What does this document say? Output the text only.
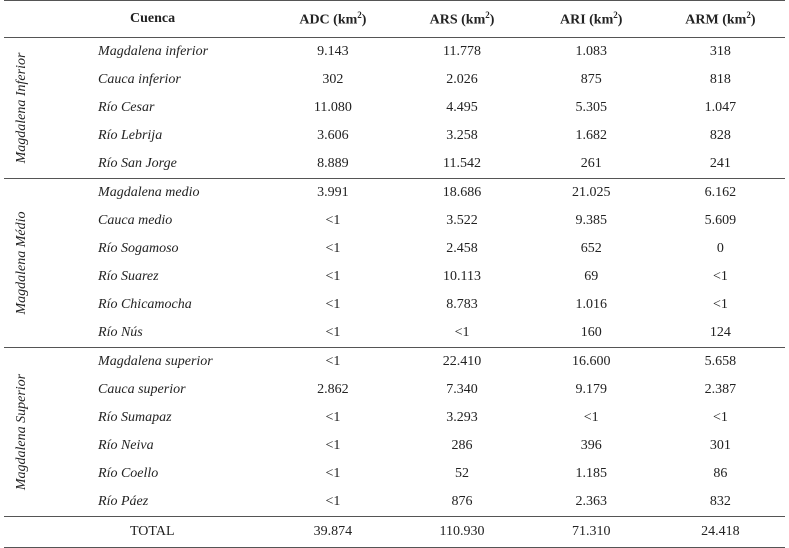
Cuenca		ADC $(km^2)$	ARS $(km^2)$	ARI $(km^2)$	ARM $(km^2)$

Magdalena Inferior	Magdalena inferior	9.143	11.778	1.083	318
	Cauca inferior	302	2.026	875	818
	Río Cesar	11.080	4.495	5.305	1.047
	Río Lebrija	3.606	3.258	1.682	828
	Río San Jorge	8.889	11.542	261	241

Magdalena Médio	Magdalena medio	3.991	18.686	21.025	6.162
	Cauca medio	<1	3.522	9.385	5.609
	Río Sogamoso	<1	2.458	652	0
	Río Suarez	<1	10.113	69	<1
	Río Chicamocha	<1	8.783	1.016	<1
	Río Nús	<1	<1	160	124

Magdalena Superior	Magdalena superior	<1	22.410	16.600	5.658
	Cauca superior	2.862	7.340	9.179	2.387
	Río Sumapaz	<1	3.293	<1	<1
	Río Neiva	<1	286	396	301
	Río Coello	<1	52	1.185	86
	Río Páez	<1	876	2.363	832
TOTAL		39.874	110.930	71.310	24.418
